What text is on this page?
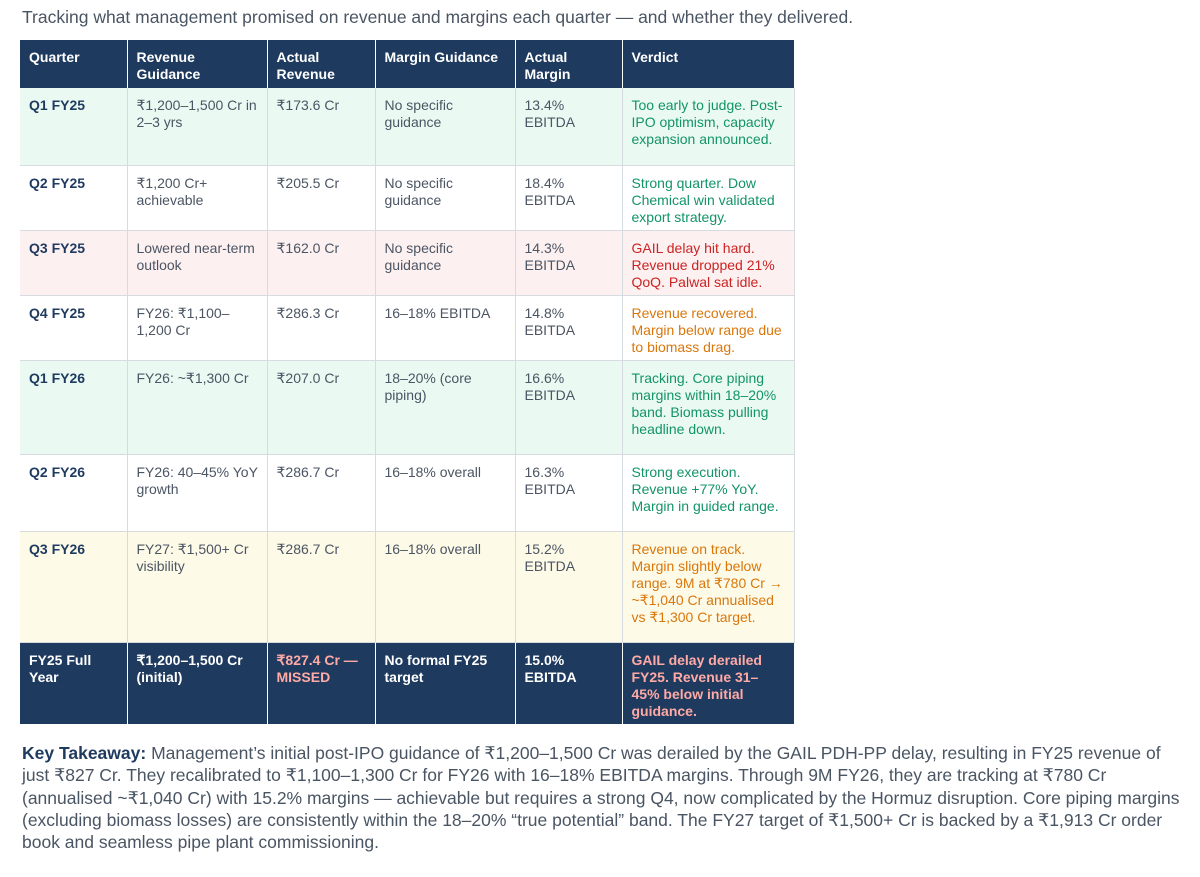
Tracking what management promised on revenue and margins each quarter — and whether they delivered.

Quarter	Revenue Guidance	Actual Revenue	Margin Guidance	Actual Margin	Verdict
Q1 FY25	₹1,200–1,500 Cr in 2–3 yrs	₹173.6 Cr	No specific guidance	13.4% EBITDA	Too early to judge. Post-IPO optimism, capacity expansion announced.
Q2 FY25	₹1,200 Cr+ achievable	₹205.5 Cr	No specific guidance	18.4% EBITDA	Strong quarter. Dow Chemical win validated export strategy.
Q3 FY25	Lowered near-term outlook	₹162.0 Cr	No specific guidance	14.3% EBITDA	GAIL delay hit hard. Revenue dropped 21% QoQ. Palwal sat idle.
Q4 FY25	FY26: ₹1,100–1,200 Cr	₹286.3 Cr	16–18% EBITDA	14.8% EBITDA	Revenue recovered. Margin below range due to biomass drag.
Q1 FY26	FY26: ~₹1,300 Cr	₹207.0 Cr	18–20% (core piping)	16.6% EBITDA	Tracking. Core piping margins within 18–20% band. Biomass pulling headline down.
Q2 FY26	FY26: 40–45% YoY growth	₹286.7 Cr	16–18% overall	16.3% EBITDA	Strong execution. Revenue +77% YoY. Margin in guided range.
Q3 FY26	FY27: ₹1,500+ Cr visibility	₹286.7 Cr	16–18% overall	15.2% EBITDA	Revenue on track. Margin slightly below range. 9M at ₹780 Cr → ~₹1,040 Cr annualised vs ₹1,300 Cr target.
FY25 Full Year	₹1,200–1,500 Cr (initial)	₹827.4 Cr — MISSED	No formal FY25 target	15.0% EBITDA	GAIL delay derailed FY25. Revenue 31–45% below initial guidance.

Key Takeaway: Management’s initial post-IPO guidance of ₹1,200–1,500 Cr was derailed by the GAIL PDH-PP delay, resulting in FY25 revenue of just ₹827 Cr. They recalibrated to ₹1,100–1,300 Cr for FY26 with 16–18% EBITDA margins. Through 9M FY26, they are tracking at ₹780 Cr (annualised ~₹1,040 Cr) with 15.2% margins — achievable but requires a strong Q4, now complicated by the Hormuz disruption. Core piping margins (excluding biomass losses) are consistently within the 18–20% “true potential” band. The FY27 target of ₹1,500+ Cr is backed by a ₹1,913 Cr order book and seamless pipe plant commissioning.
